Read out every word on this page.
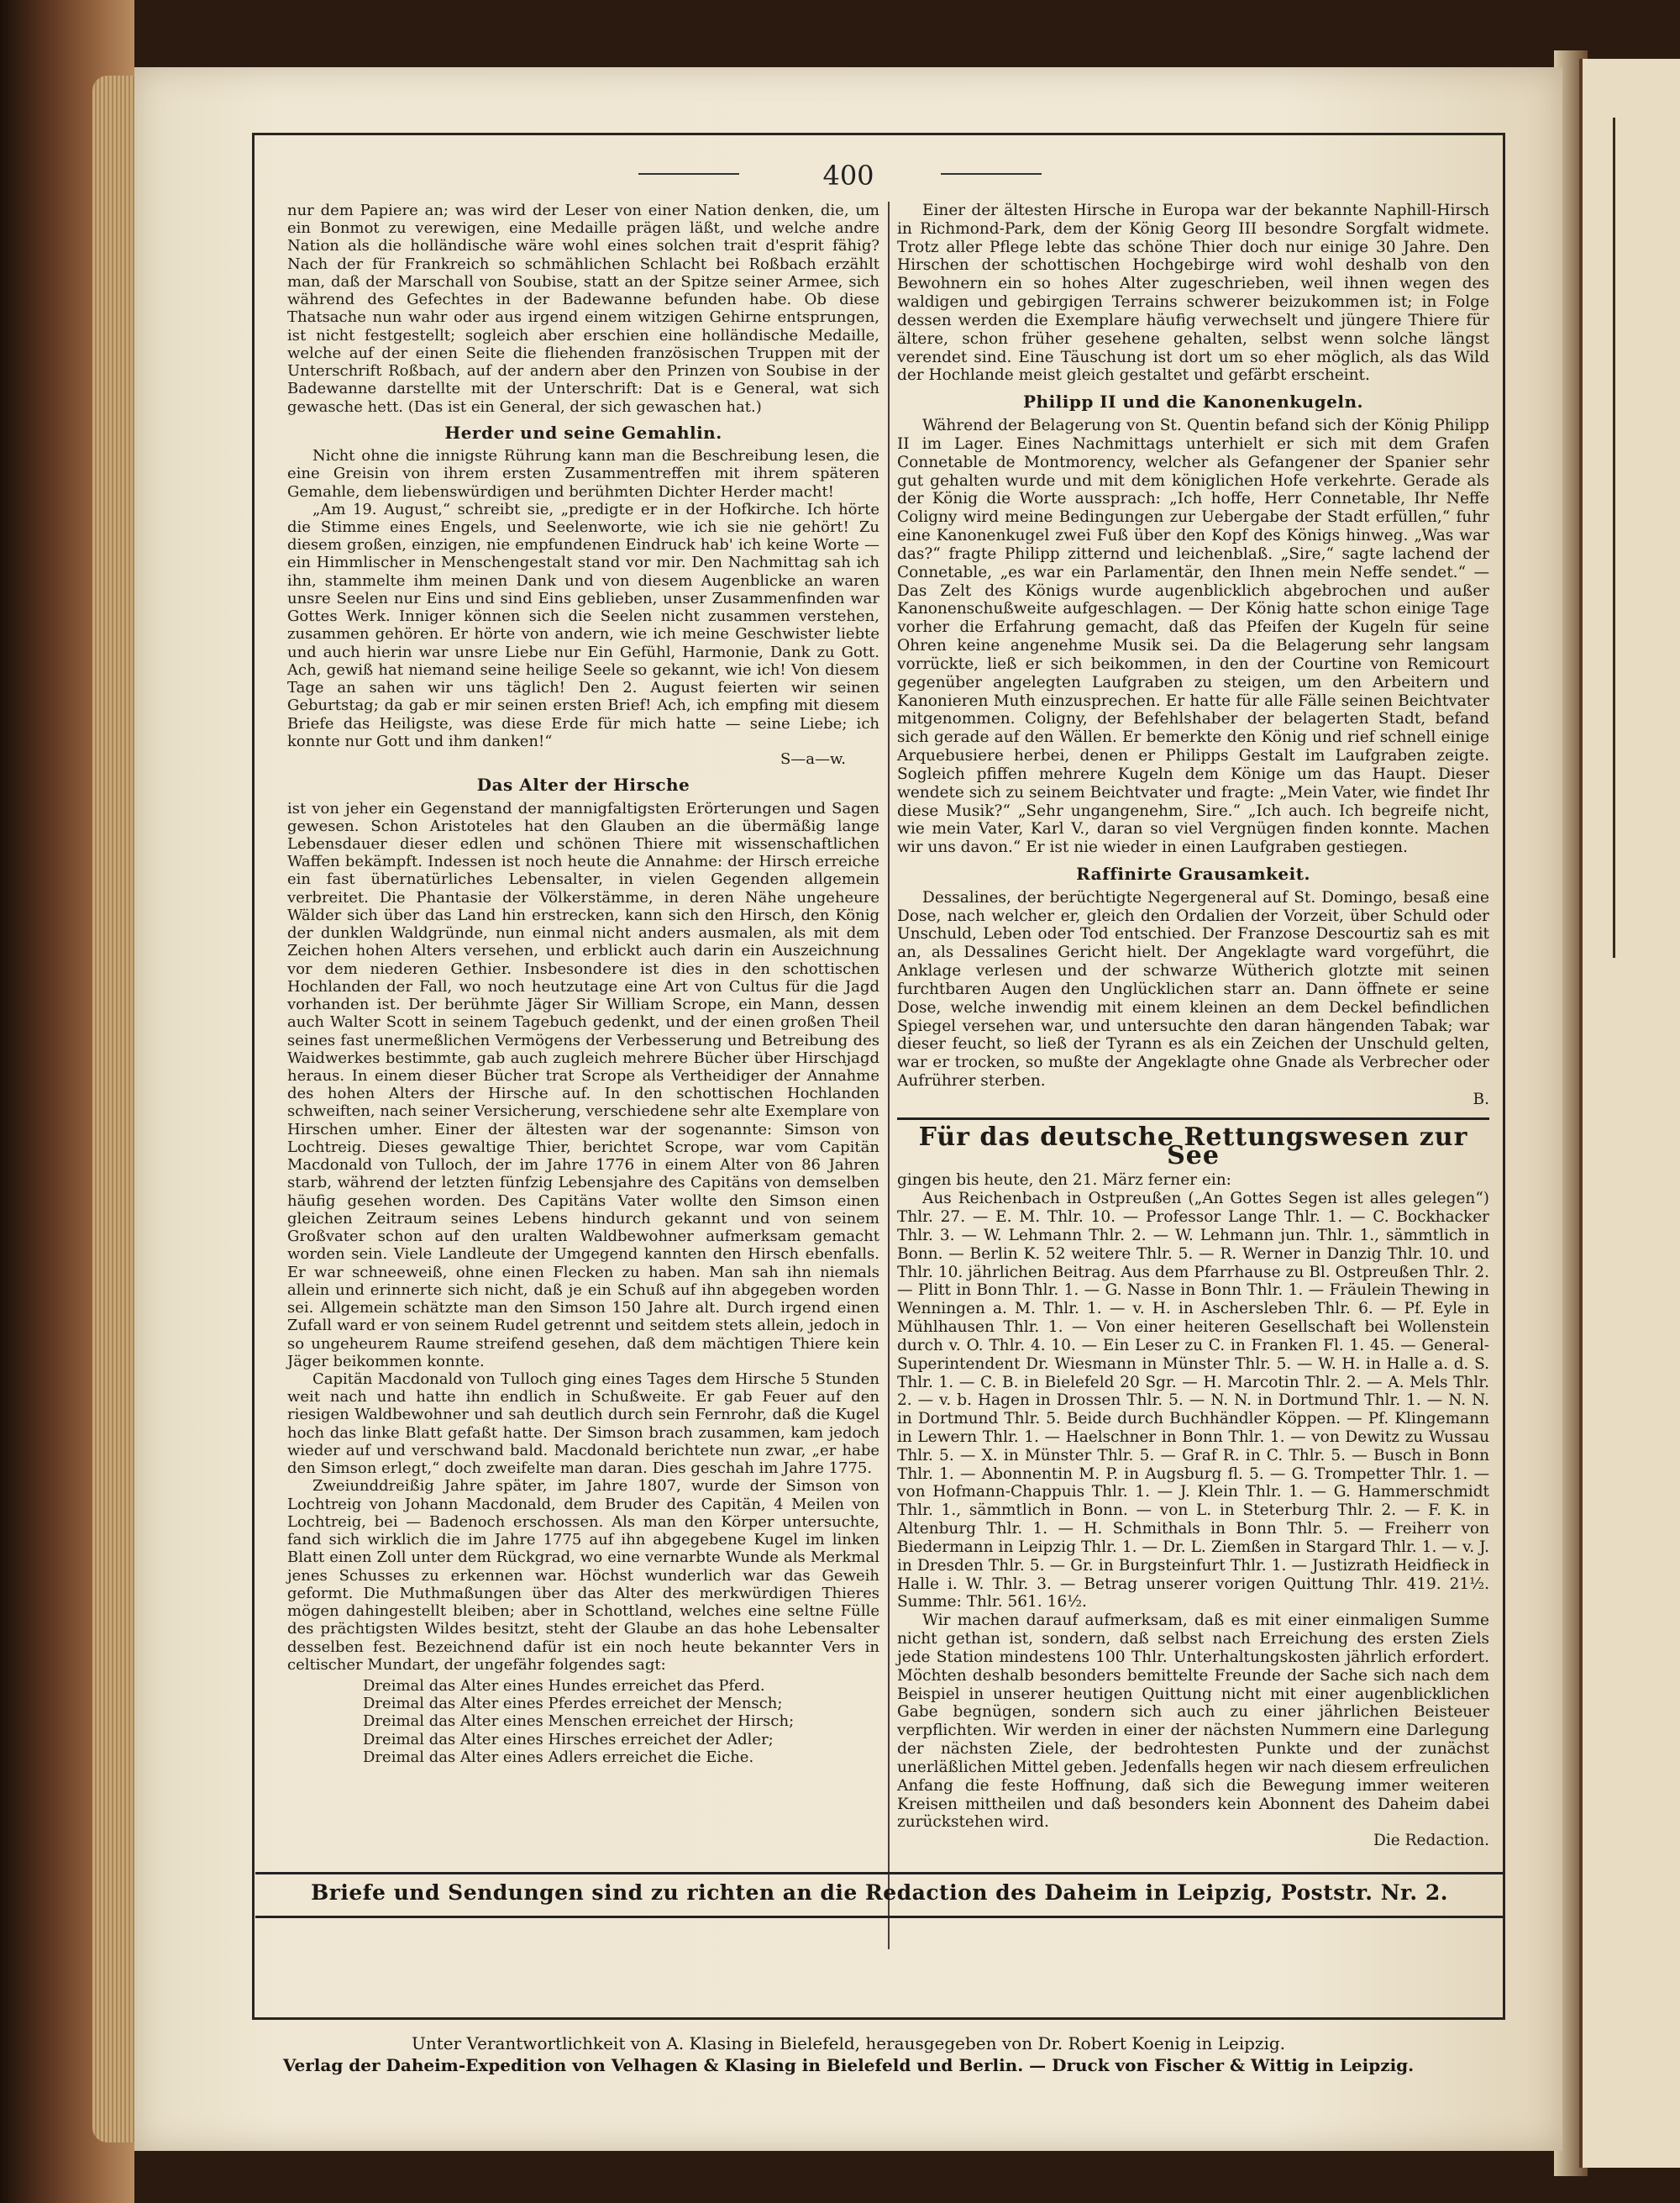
400

nur dem Papiere an; was wird der Leser von einer Nation denken, die, um ein Bonmot zu verewigen, eine Medaille prägen läßt, und welche andre Nation als die holländische wäre wohl eines solchen trait d'esprit fähig? Nach der für Frankreich so schmählichen Schlacht bei Roßbach erzählt man, daß der Marschall von Soubise, statt an der Spitze seiner Armee, sich während des Gefechtes in der Badewanne befunden habe. Ob diese Thatsache nun wahr oder aus irgend einem witzigen Gehirne entsprungen, ist nicht festgestellt; sogleich aber erschien eine holländische Medaille, welche auf der einen Seite die fliehenden französischen Truppen mit der Unterschrift Roßbach, auf der andern aber den Prinzen von Soubise in der Badewanne darstellte mit der Unterschrift: Dat is e General, wat sich gewasche hett. (Das ist ein General, der sich gewaschen hat.)

Herder und seine Gemahlin.

Nicht ohne die innigste Rührung kann man die Beschreibung lesen, die eine Greisin von ihrem ersten Zusammentreffen mit ihrem späteren Gemahle, dem liebenswürdigen und berühmten Dichter Herder macht!

„Am 19. August,“ schreibt sie, „predigte er in der Hofkirche. Ich hörte die Stimme eines Engels, und Seelenworte, wie ich sie nie gehört! Zu diesem großen, einzigen, nie empfundenen Eindruck hab' ich keine Worte — ein Himmlischer in Menschengestalt stand vor mir. Den Nachmittag sah ich ihn, stammelte ihm meinen Dank und von diesem Augenblicke an waren unsre Seelen nur Eins und sind Eins geblieben, unser Zusammenfinden war Gottes Werk. Inniger können sich die Seelen nicht zusammen verstehen, zusammen gehören. Er hörte von andern, wie ich meine Geschwister liebte und auch hierin war unsre Liebe nur Ein Gefühl, Harmonie, Dank zu Gott. Ach, gewiß hat niemand seine heilige Seele so gekannt, wie ich! Von diesem Tage an sahen wir uns täglich! Den 2. August feierten wir seinen Geburtstag; da gab er mir seinen ersten Brief! Ach, ich empfing mit diesem Briefe das Heiligste, was diese Erde für mich hatte — seine Liebe; ich konnte nur Gott und ihm danken!“

S—a—w.

Das Alter der Hirsche

ist von jeher ein Gegenstand der mannigfaltigsten Erörterungen und Sagen gewesen. Schon Aristoteles hat den Glauben an die übermäßig lange Lebensdauer dieser edlen und schönen Thiere mit wissenschaftlichen Waffen bekämpft. Indessen ist noch heute die Annahme: der Hirsch erreiche ein fast übernatürliches Lebensalter, in vielen Gegenden allgemein verbreitet. Die Phantasie der Völkerstämme, in deren Nähe ungeheure Wälder sich über das Land hin erstrecken, kann sich den Hirsch, den König der dunklen Waldgründe, nun einmal nicht anders ausmalen, als mit dem Zeichen hohen Alters versehen, und erblickt auch darin ein Auszeichnung vor dem niederen Gethier. Insbesondere ist dies in den schottischen Hochlanden der Fall, wo noch heutzutage eine Art von Cultus für die Jagd vorhanden ist. Der berühmte Jäger Sir William Scrope, ein Mann, dessen auch Walter Scott in seinem Tagebuch gedenkt, und der einen großen Theil seines fast unermeßlichen Vermögens der Verbesserung und Betreibung des Waidwerkes bestimmte, gab auch zugleich mehrere Bücher über Hirschjagd heraus. In einem dieser Bücher trat Scrope als Vertheidiger der Annahme des hohen Alters der Hirsche auf. In den schottischen Hochlanden schweiften, nach seiner Versicherung, verschiedene sehr alte Exemplare von Hirschen umher. Einer der ältesten war der sogenannte: Simson von Lochtreig. Dieses gewaltige Thier, berichtet Scrope, war vom Capitän Macdonald von Tulloch, der im Jahre 1776 in einem Alter von 86 Jahren starb, während der letzten fünfzig Lebensjahre des Capitäns von demselben häufig gesehen worden. Des Capitäns Vater wollte den Simson einen gleichen Zeitraum seines Lebens hindurch gekannt und von seinem Großvater schon auf den uralten Waldbewohner aufmerksam gemacht worden sein. Viele Landleute der Umgegend kannten den Hirsch ebenfalls. Er war schneeweiß, ohne einen Flecken zu haben. Man sah ihn niemals allein und erinnerte sich nicht, daß je ein Schuß auf ihn abgegeben worden sei. Allgemein schätzte man den Simson 150 Jahre alt. Durch irgend einen Zufall ward er von seinem Rudel getrennt und seitdem stets allein, jedoch in so ungeheurem Raume streifend gesehen, daß dem mächtigen Thiere kein Jäger beikommen konnte.

Capitän Macdonald von Tulloch ging eines Tages dem Hirsche 5 Stunden weit nach und hatte ihn endlich in Schußweite. Er gab Feuer auf den riesigen Waldbewohner und sah deutlich durch sein Fernrohr, daß die Kugel hoch das linke Blatt gefaßt hatte. Der Simson brach zusammen, kam jedoch wieder auf und verschwand bald. Macdonald berichtete nun zwar, „er habe den Simson erlegt,“ doch zweifelte man daran. Dies geschah im Jahre 1775.

Zweiunddreißig Jahre später, im Jahre 1807, wurde der Simson von Lochtreig von Johann Macdonald, dem Bruder des Capitän, 4 Meilen von Lochtreig, bei — Badenoch erschossen. Als man den Körper untersuchte, fand sich wirklich die im Jahre 1775 auf ihn abgegebene Kugel im linken Blatt einen Zoll unter dem Rückgrad, wo eine vernarbte Wunde als Merkmal jenes Schusses zu erkennen war. Höchst wunderlich war das Geweih geformt. Die Muthmaßungen über das Alter des merkwürdigen Thieres mögen dahingestellt bleiben; aber in Schottland, welches eine seltne Fülle des prächtigsten Wildes besitzt, steht der Glaube an das hohe Lebensalter desselben fest. Bezeichnend dafür ist ein noch heute bekannter Vers in celtischer Mundart, der ungefähr folgendes sagt:

Dreimal das Alter eines Hundes erreichet das Pferd.
Dreimal das Alter eines Pferdes erreichet der Mensch;
Dreimal das Alter eines Menschen erreichet der Hirsch;
Dreimal das Alter eines Hirsches erreichet der Adler;
Dreimal das Alter eines Adlers erreichet die Eiche.

Einer der ältesten Hirsche in Europa war der bekannte Naphill-Hirsch in Richmond-Park, dem der König Georg III besondre Sorgfalt widmete. Trotz aller Pflege lebte das schöne Thier doch nur einige 30 Jahre. Den Hirschen der schottischen Hochgebirge wird wohl deshalb von den Bewohnern ein so hohes Alter zugeschrieben, weil ihnen wegen des waldigen und gebirgigen Terrains schwerer beizukommen ist; in Folge dessen werden die Exemplare häufig verwechselt und jüngere Thiere für ältere, schon früher gesehene gehalten, selbst wenn solche längst verendet sind. Eine Täuschung ist dort um so eher möglich, als das Wild der Hochlande meist gleich gestaltet und gefärbt erscheint.

Philipp II und die Kanonenkugeln.

Während der Belagerung von St. Quentin befand sich der König Philipp II im Lager. Eines Nachmittags unterhielt er sich mit dem Grafen Connetable de Montmorency, welcher als Gefangener der Spanier sehr gut gehalten wurde und mit dem königlichen Hofe verkehrte. Gerade als der König die Worte aussprach: „Ich hoffe, Herr Connetable, Ihr Neffe Coligny wird meine Bedingungen zur Uebergabe der Stadt erfüllen,“ fuhr eine Kanonenkugel zwei Fuß über den Kopf des Königs hinweg. „Was war das?“ fragte Philipp zitternd und leichenblaß. „Sire,“ sagte lachend der Connetable, „es war ein Parlamentär, den Ihnen mein Neffe sendet.“ — Das Zelt des Königs wurde augenblicklich abgebrochen und außer Kanonenschußweite aufgeschlagen. — Der König hatte schon einige Tage vorher die Erfahrung gemacht, daß das Pfeifen der Kugeln für seine Ohren keine angenehme Musik sei. Da die Belagerung sehr langsam vorrückte, ließ er sich beikommen, in den der Courtine von Remicourt gegenüber angelegten Laufgraben zu steigen, um den Arbeitern und Kanonieren Muth einzusprechen. Er hatte für alle Fälle seinen Beichtvater mitgenommen. Coligny, der Befehlshaber der belagerten Stadt, befand sich gerade auf den Wällen. Er bemerkte den König und rief schnell einige Arquebusiere herbei, denen er Philipps Gestalt im Laufgraben zeigte. Sogleich pfiffen mehrere Kugeln dem Könige um das Haupt. Dieser wendete sich zu seinem Beichtvater und fragte: „Mein Vater, wie findet Ihr diese Musik?“ „Sehr ungangenehm, Sire.“ „Ich auch. Ich begreife nicht, wie mein Vater, Karl V., daran so viel Vergnügen finden konnte. Machen wir uns davon.“ Er ist nie wieder in einen Laufgraben gestiegen.

Raffinirte Grausamkeit.

Dessalines, der berüchtigte Negergeneral auf St. Domingo, besaß eine Dose, nach welcher er, gleich den Ordalien der Vorzeit, über Schuld oder Unschuld, Leben oder Tod entschied. Der Franzose Descourtiz sah es mit an, als Dessalines Gericht hielt. Der Angeklagte ward vorgeführt, die Anklage verlesen und der schwarze Wütherich glotzte mit seinen furchtbaren Augen den Unglücklichen starr an. Dann öffnete er seine Dose, welche inwendig mit einem kleinen an dem Deckel befindlichen Spiegel versehen war, und untersuchte den daran hängenden Tabak; war dieser feucht, so ließ der Tyrann es als ein Zeichen der Unschuld gelten, war er trocken, so mußte der Angeklagte ohne Gnade als Verbrecher oder Aufrührer sterben.

B.

Für das deutsche Rettungswesen zur See

gingen bis heute, den 21. März ferner ein:

Aus Reichenbach in Ostpreußen („An Gottes Segen ist alles gelegen“) Thlr. 27. — E. M. Thlr. 10. — Professor Lange Thlr. 1. — C. Bockhacker Thlr. 3. — W. Lehmann Thlr. 2. — W. Lehmann jun. Thlr. 1., sämmtlich in Bonn. — Berlin K. 52 weitere Thlr. 5. — R. Werner in Danzig Thlr. 10. und Thlr. 10. jährlichen Beitrag. Aus dem Pfarrhause zu Bl. Ostpreußen Thlr. 2. — Plitt in Bonn Thlr. 1. — G. Nasse in Bonn Thlr. 1. — Fräulein Thewing in Wenningen a. M. Thlr. 1. — v. H. in Aschersleben Thlr. 6. — Pf. Eyle in Mühlhausen Thlr. 1. — Von einer heiteren Gesellschaft bei Wollenstein durch v. O. Thlr. 4. 10. — Ein Leser zu C. in Franken Fl. 1. 45. — General-Superintendent Dr. Wiesmann in Münster Thlr. 5. — W. H. in Halle a. d. S. Thlr. 1. — C. B. in Bielefeld 20 Sgr. — H. Marcotin Thlr. 2. — A. Mels Thlr. 2. — v. b. Hagen in Drossen Thlr. 5. — N. N. in Dortmund Thlr. 1. — N. N. in Dortmund Thlr. 5. Beide durch Buchhändler Köppen. — Pf. Klingemann in Lewern Thlr. 1. — Haelschner in Bonn Thlr. 1. — von Dewitz zu Wussau Thlr. 5. — X. in Münster Thlr. 5. — Graf R. in C. Thlr. 5. — Busch in Bonn Thlr. 1. — Abonnentin M. P. in Augsburg fl. 5. — G. Trompetter Thlr. 1. — von Hofmann-Chappuis Thlr. 1. — J. Klein Thlr. 1. — G. Hammerschmidt Thlr. 1., sämmtlich in Bonn. — von L. in Steterburg Thlr. 2. — F. K. in Altenburg Thlr. 1. — H. Schmithals in Bonn Thlr. 5. — Freiherr von Biedermann in Leipzig Thlr. 1. — Dr. L. Ziemßen in Stargard Thlr. 1. — v. J. in Dresden Thlr. 5. — Gr. in Burgsteinfurt Thlr. 1. — Justizrath Heidfieck in Halle i. W. Thlr. 3. — Betrag unserer vorigen Quittung Thlr. 419. 21½. Summe: Thlr. 561. 16½.

Wir machen darauf aufmerksam, daß es mit einer einmaligen Summe nicht gethan ist, sondern, daß selbst nach Erreichung des ersten Ziels jede Station mindestens 100 Thlr. Unterhaltungskosten jährlich erfordert. Möchten deshalb besonders bemittelte Freunde der Sache sich nach dem Beispiel in unserer heutigen Quittung nicht mit einer augenblicklichen Gabe begnügen, sondern sich auch zu einer jährlichen Beisteuer verpflichten. Wir werden in einer der nächsten Nummern eine Darlegung der nächsten Ziele, der bedrohtesten Punkte und der zunächst unerläßlichen Mittel geben. Jedenfalls hegen wir nach diesem erfreulichen Anfang die feste Hoffnung, daß sich die Bewegung immer weiteren Kreisen mittheilen und daß besonders kein Abonnent des Daheim dabei zurückstehen wird.

Die Redaction.

Briefe und Sendungen sind zu richten an die Redaction des Daheim in Leipzig, Poststr. Nr. 2.
Unter Verantwortlichkeit von A. Klasing in Bielefeld, herausgegeben von Dr. Robert Koenig in Leipzig.
Verlag der Daheim-Expedition von Velhagen & Klasing in Bielefeld und Berlin. — Druck von Fischer & Wittig in Leipzig.
